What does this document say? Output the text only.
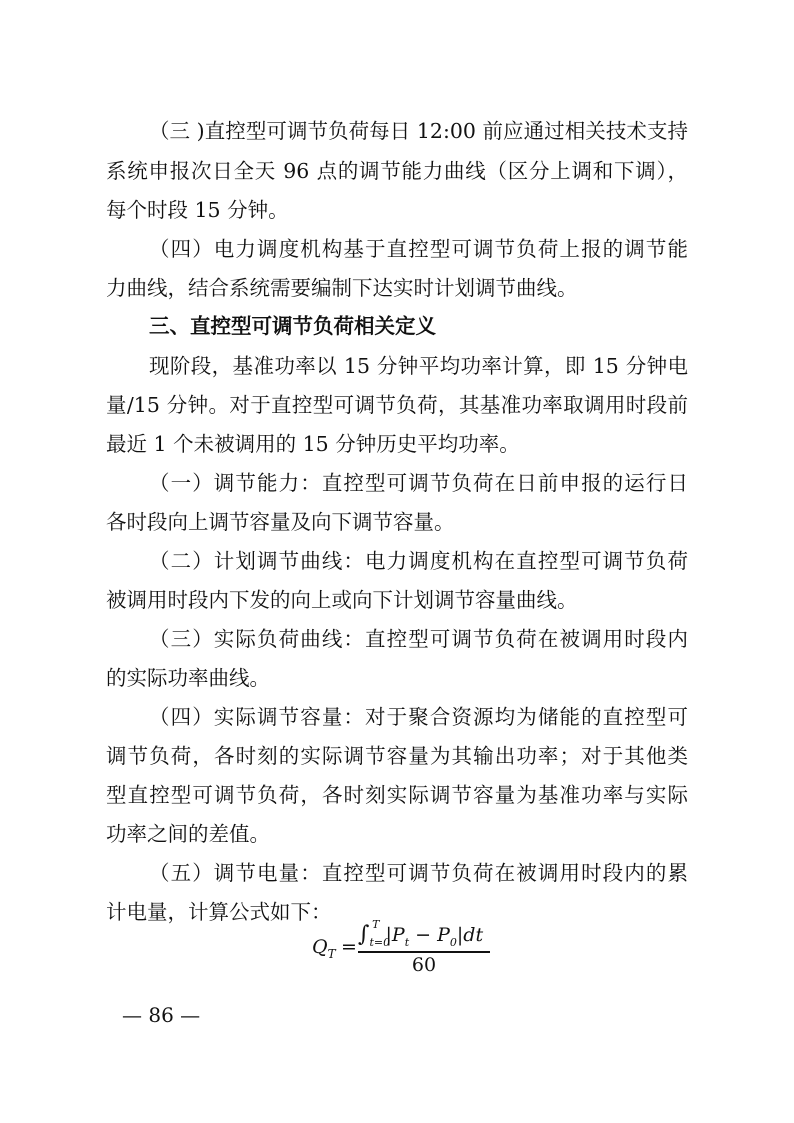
（三 )直控型可调节负荷每日 12:00 前应通过相关技术支持
系统申报次日全天 96 点的调节能力曲线（区分上调和下调），
每个时段 15 分钟。
（四）电力调度机构基于直控型可调节负荷上报的调节能
力曲线，结合系统需要编制下达实时计划调节曲线。
三、直控型可调节负荷相关定义
现阶段，基准功率以 15 分钟平均功率计算，即 15 分钟电
量/15 分钟。对于直控型可调节负荷，其基准功率取调用时段前
最近 1 个未被调用的 15 分钟历史平均功率。
（一）调节能力：直控型可调节负荷在日前申报的运行日
各时段向上调节容量及向下调节容量。
（二）计划调节曲线：电力调度机构在直控型可调节负荷
被调用时段内下发的向上或向下计划调节容量曲线。
（三）实际负荷曲线：直控型可调节负荷在被调用时段内
的实际功率曲线。
（四）实际调节容量：对于聚合资源均为储能的直控型可
调节负荷，各时刻的实际调节容量为其输出功率；对于其他类
型直控型可调节负荷，各时刻实际调节容量为基准功率与实际
功率之间的差值。
（五）调节电量：直控型可调节负荷在被调用时段内的累
计电量，计算公式如下：
$Q_T = \int_{t=0}^T$ $|P_t - P_0|dt$
60
— 86 —
